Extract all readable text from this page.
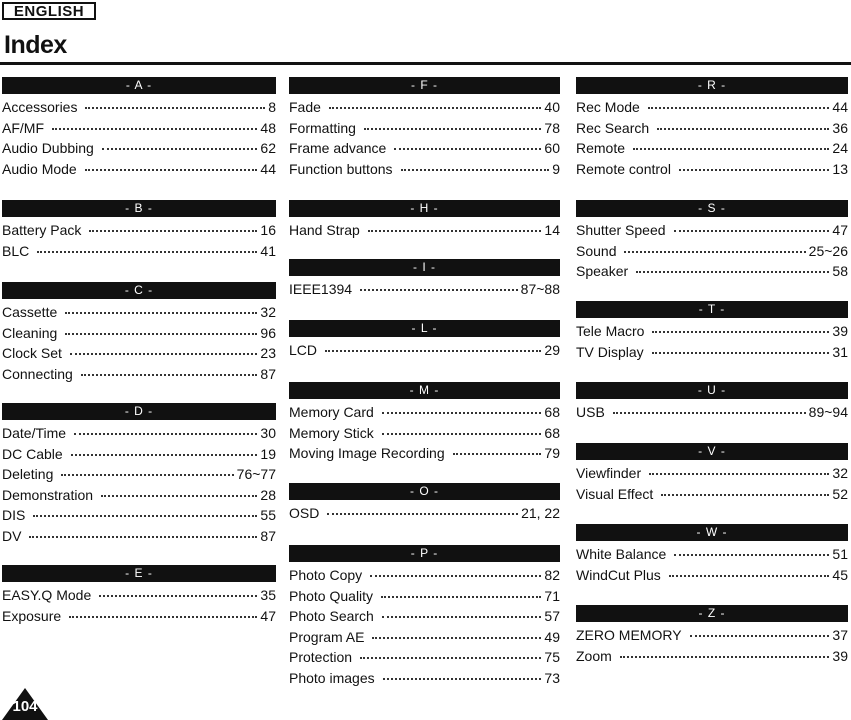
ENGLISH
Index
- A -
Accessories	8
AF/MF	48
Audio Dubbing	62
Audio Mode	44
- B -
Battery Pack	16
BLC	41
- C -
Cassette	32
Cleaning	96
Clock Set	23
Connecting	87
- D -
Date/Time	30
DC Cable	19
Deleting	76~77
Demonstration	28
DIS	55
DV	87
- E -
EASY.Q Mode	35
Exposure	47
- F -
Fade	40
Formatting	78
Frame advance	60
Function buttons	9
- H -
Hand Strap	14
- I -
IEEE1394	87~88
- L -
LCD	29
- M -
Memory Card	68
Memory Stick	68
Moving Image Recording	79
- O -
OSD	21, 22
- P -
Photo Copy	82
Photo Quality	71
Photo Search	57
Program AE	49
Protection	75
Photo images	73
- R -
Rec Mode	44
Rec Search	36
Remote	24
Remote control	13
- S -
Shutter Speed	47
Sound	25~26
Speaker	58
- T -
Tele Macro	39
TV Display	31
- U -
USB	89~94
- V -
Viewfinder	32
Visual Effect	52
- W -
White Balance	51
WindCut Plus	45
- Z -
ZERO MEMORY	37
Zoom	39
104
